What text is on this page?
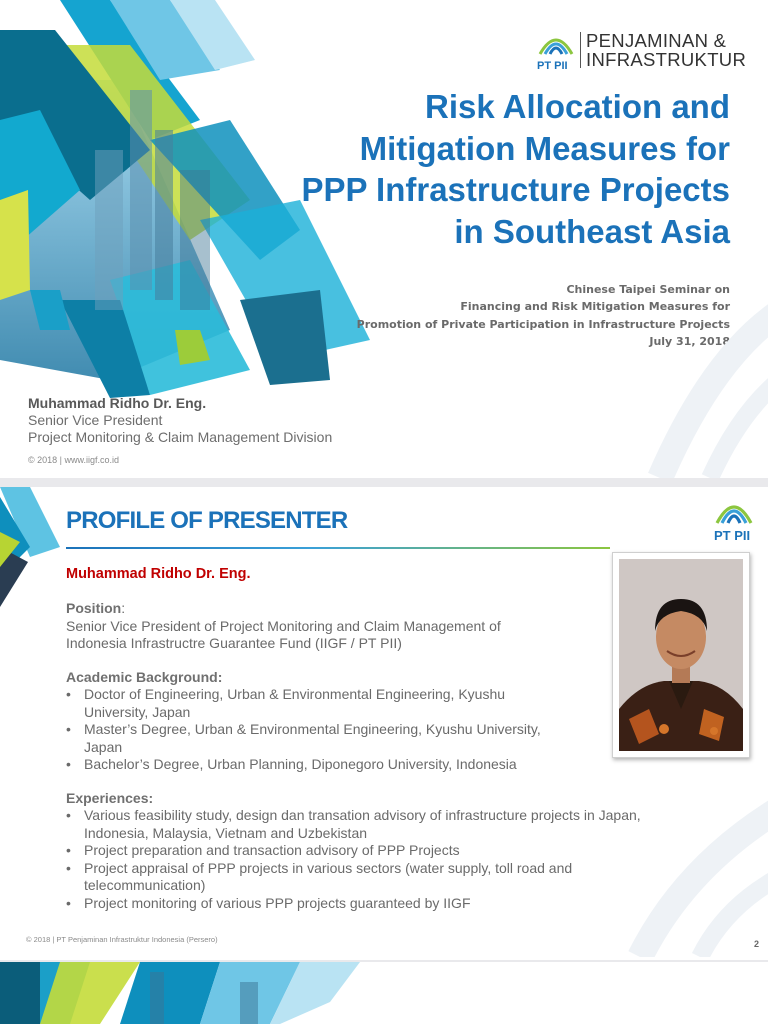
PT PII
PENJAMINAN &
INFRASTRUKTUR
Risk Allocation and
Mitigation Measures for
PPP Infrastructure Projects
in Southeast Asia
Chinese Taipei Seminar on
Financing and Risk Mitigation Measures for
Promotion of Private Participation in Infrastructure Projects
July 31, 2018
Muhammad Ridho Dr. Eng.
Senior Vice President
Project Monitoring & Claim Management Division
© 2018 | www.iigf.co.id
PROFILE OF PRESENTER
PT PII
Muhammad Ridho Dr. Eng.
Position:
Senior Vice President of Project Monitoring and Claim Management of Indonesia Infrastructre Guarantee Fund (IIGF / PT PII)
Academic Background:
• Doctor of Engineering, Urban & Environmental Engineering, Kyushu University, Japan
• Master’s Degree, Urban & Environmental Engineering, Kyushu University, Japan
• Bachelor’s Degree, Urban Planning, Diponegoro University, Indonesia
Experiences:
• Various feasibility study, design dan transation advisory of infrastructure projects in Japan, Indonesia, Malaysia, Vietnam and Uzbekistan
• Project preparation and transaction advisory of PPP Projects
• Project appraisal of PPP projects in various sectors (water supply, toll road and telecommunication)
• Project monitoring of various PPP projects guaranteed by IIGF
© 2018 | PT Penjaminan Infrastruktur Indonesia (Persero)	2
